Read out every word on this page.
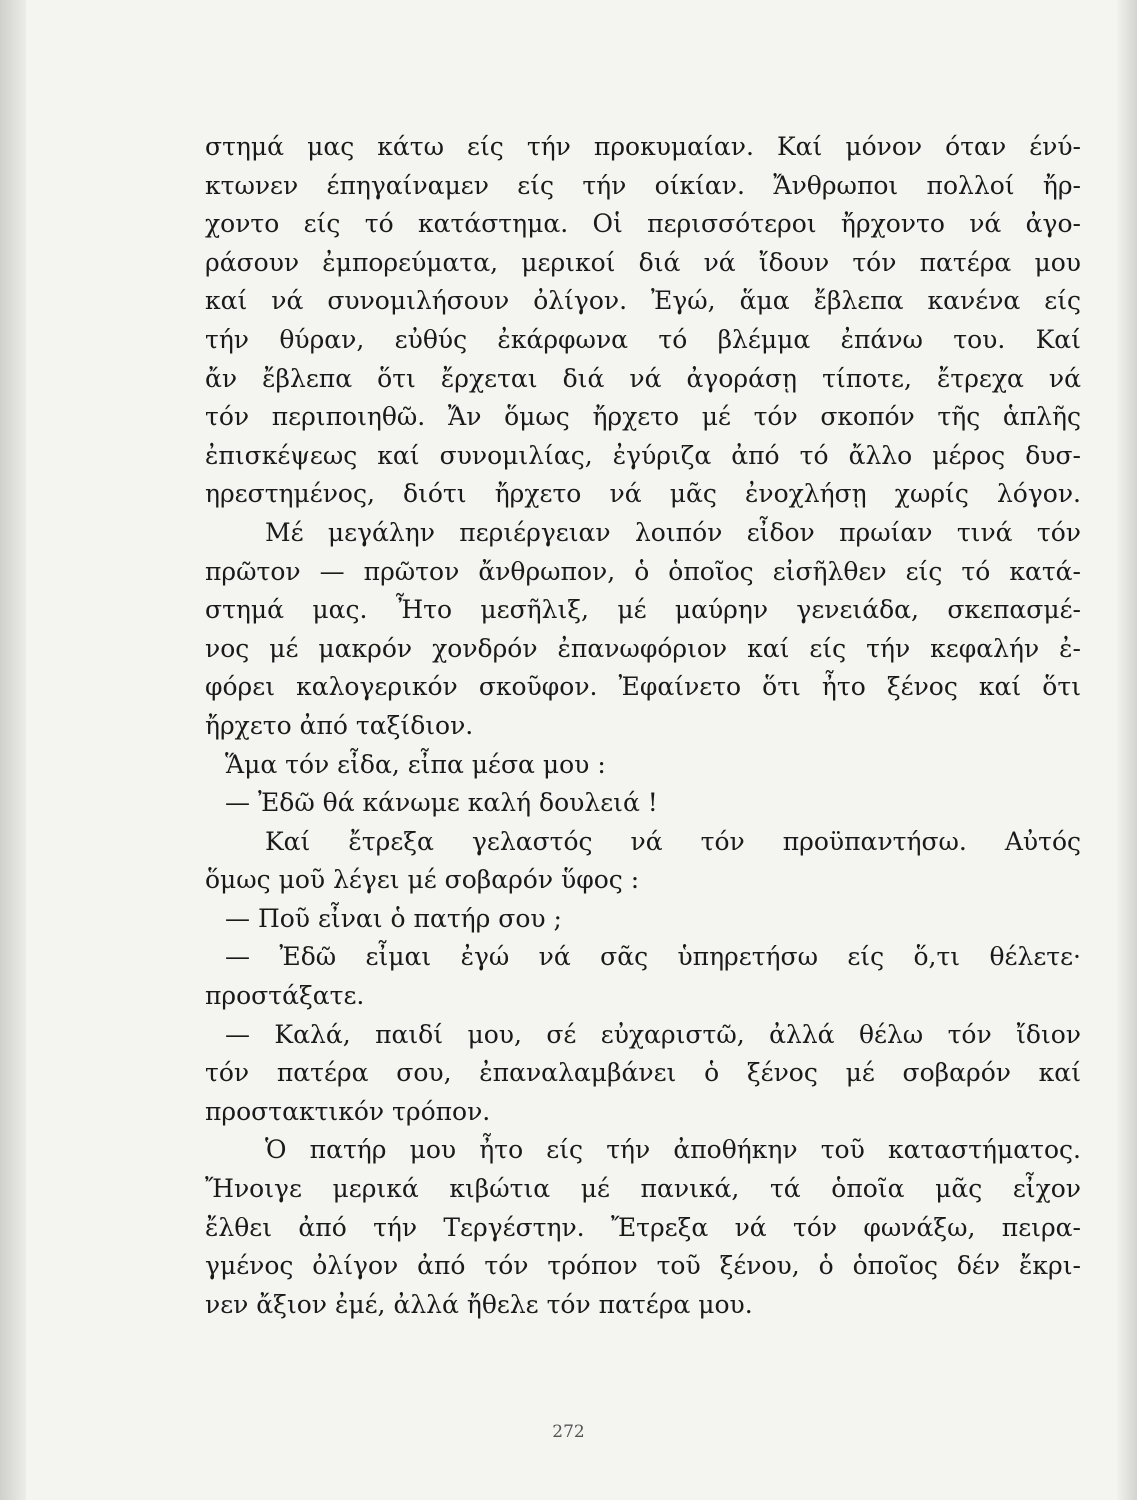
στημά μας κάτω είς τήν προκυμαίαν. Καί μόνον όταν ένύ-
κτωνεν έπηγαίναμεν είς τήν οίκίαν. Ἄνθρωποι πολλοί ἤρ-
χοντο είς τό κατάστημα. Οἱ περισσότεροι ἤρχοντο νά ἀγο-
ράσουν ἐμπορεύματα, μερικοί διά νά ἴδουν τόν πατέρα μου
καί νά συνομιλήσουν ὀλίγον. Ἐγώ, ἅμα ἔβλεπα κανένα είς
τήν θύραν, εὐθύς ἐκάρφωνα τό βλέμμα ἐπάνω του. Καί
ἄν ἔβλεπα ὅτι ἔρχεται διά νά ἀγοράσῃ τίποτε, ἔτρεχα νά
τόν περιποιηθῶ. Ἄν ὅμως ἤρχετο μέ τόν σκοπόν τῆς ἁπλῆς
ἐπισκέψεως καί συνομιλίας, ἐγύριζα ἀπό τό ἄλλο μέρος δυσ-
ηρεστημένος, διότι ἤρχετο νά μᾶς ἐνοχλήσῃ χωρίς λόγον.
Μέ μεγάλην περιέργειαν λοιπόν εἶδον πρωίαν τινά τόν
πρῶτον — πρῶτον ἄνθρωπον, ὁ ὁποῖος εἰσῆλθεν είς τό κατά-
στημά μας. Ἦτο μεσῆλιξ, μέ μαύρην γενειάδα, σκεπασμέ-
νος μέ μακρόν χονδρόν ἐπανωφόριον καί είς τήν κεφαλήν ἐ-
φόρει καλογερικόν σκοῦφον. Ἐφαίνετο ὅτι ἦτο ξένος καί ὅτι
ἤρχετο ἀπό ταξίδιον.
Ἅμα τόν εἶδα, εἶπα μέσα μου :
— Ἐδῶ θά κάνωμε καλή δουλειά !
Καί ἔτρεξα γελαστός νά τόν προϋπαντήσω. Αὐτός
ὅμως μοῦ λέγει μέ σοβαρόν ὕφος :
— Ποῦ εἶναι ὁ πατήρ σου ;
— Ἐδῶ εἶμαι ἐγώ νά σᾶς ὑπηρετήσω είς ὅ,τι θέλετε·
προστάξατε.
— Καλά, παιδί μου, σέ εὐχαριστῶ, ἀλλά θέλω τόν ἴδιον
τόν πατέρα σου, ἐπαναλαμβάνει ὁ ξένος μέ σοβαρόν καί
προστακτικόν τρόπον.
Ὁ πατήρ μου ἦτο είς τήν ἀποθήκην τοῦ καταστήματος.
Ἤνοιγε μερικά κιβώτια μέ πανικά, τά ὁποῖα μᾶς εἶχον
ἔλθει ἀπό τήν Τεργέστην. Ἔτρεξα νά τόν φωνάξω, πειρα-
γμένος ὀλίγον ἀπό τόν τρόπον τοῦ ξένου, ὁ ὁποῖος δέν ἔκρι-
νεν ἄξιον ἐμέ, ἀλλά ἤθελε τόν πατέρα μου.
272
